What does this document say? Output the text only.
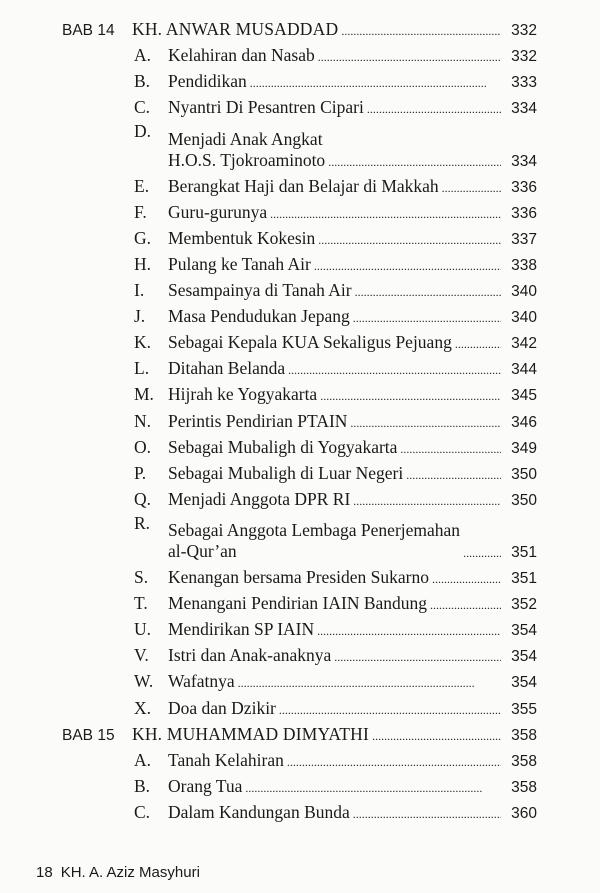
BAB 14 KH. ANWAR MUSADDAD . . .	332
A. Kelahiran dan Nasab . . .	332
B.	Pendidikan . . .	333
C.	Nyantri Di Pesantren Cipari . . .	334
D. Menjadi Anak Angkat
H.O.S. Tjokroaminoto . . .	334
E.	Berangkat Haji dan Belajar di Makkah . . .	336
F.	Guru-gurunya . . .	336
G. Membentuk Kokesin . . .	337
H. Pulang ke Tanah Air . . .	338
I.	Sesampainya di Tanah Air . . .	340
J.	Masa Pendudukan Jepang . . .	340
K. Sebagai Kepala KUA Sekaligus Pejuang . . .	342
L.	Ditahan Belanda . . .	344
M. Hijrah ke Yogyakarta . . .	345
N. Perintis Pendirian PTAIN . . .	346
O. Sebagai Mubaligh di Yogyakarta . . .	349
P.	Sebagai Mubaligh di Luar Negeri . . .	350
Q. Menjadi Anggota DPR RI . . .	350
R.	Sebagai Anggota Lembaga Penerjemahan
al-Qur’an . . .	351
S.	Kenangan bersama Presiden Sukarno . . .	351
T.	Menangani Pendirian IAIN Bandung . . .	352
U. Mendirikan SP IAIN . . .	354
V.	Istri dan Anak-anaknya . . .	354
W. Wafatnya . . .	354
X. Doa dan Dzikir . . .	355
BAB 15 KH. MUHAMMAD DIMYATHI . . .	358
A. Tanah Kelahiran . . .	358
B.	Orang Tua . . .	358
C.	Dalam Kandungan Bunda . . .	360
18 KH. A. Aziz Masyhuri
